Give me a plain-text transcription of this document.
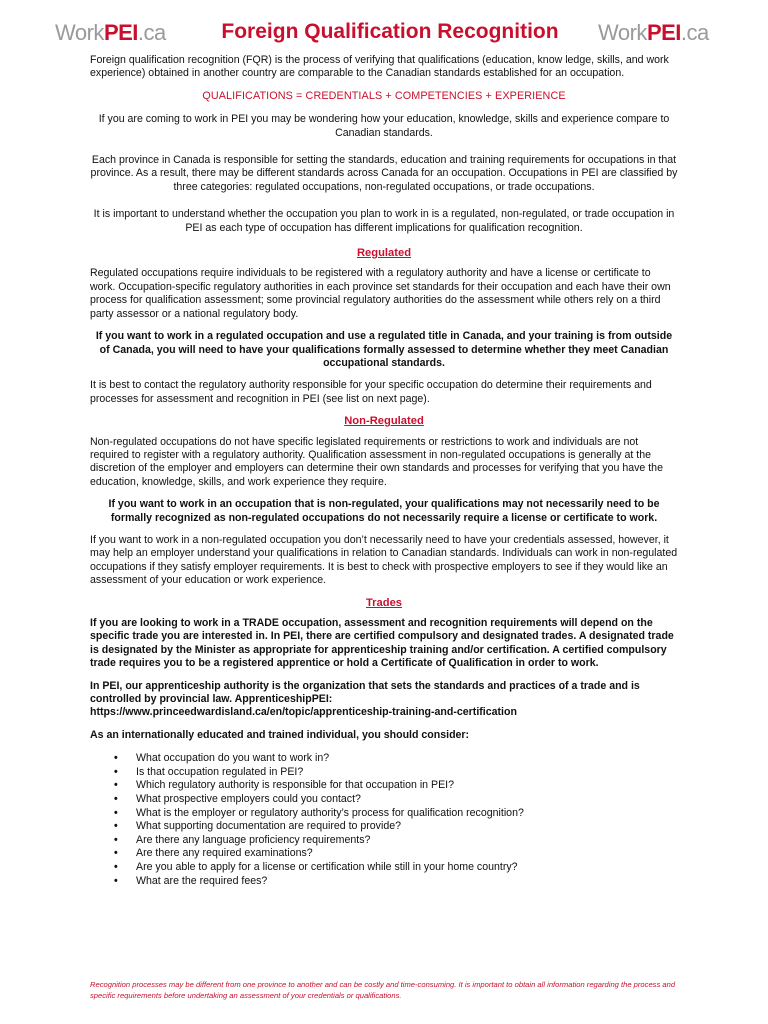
WorkPEI.ca	Foreign Qualification Recognition	WorkPEI.ca

Foreign qualification recognition (FQR) is the process of verifying that qualifications (education, know ledge, skills, and work experience) obtained in another country are comparable to the Canadian standards established for an occupation.

QUALIFICATIONS = CREDENTIALS + COMPETENCIES + EXPERIENCE

If you are coming to work in PEI you may be wondering how your education, knowledge, skills and experience compare to Canadian standards.

Each province in Canada is responsible for setting the standards, education and training requirements for occupations in that province. As a result, there may be different standards across Canada for an occupation. Occupations in PEI are classified by three categories: regulated occupations, non-regulated occupations, or trade occupations.

It is important to understand whether the occupation you plan to work in is a regulated, non-regulated, or trade occupation in PEI as each type of occupation has different implications for qualification recognition.

Regulated

Regulated occupations require individuals to be registered with a regulatory authority and have a license or certificate to work. Occupation-specific regulatory authorities in each province set standards for their occupation and each have their own process for qualification assessment; some provincial regulatory authorities do the assessment while others rely on a third party assessor or a national regulatory body.

If you want to work in a regulated occupation and use a regulated title in Canada, and your training is from outside of Canada, you will need to have your qualifications formally assessed to determine whether they meet Canadian occupational standards.

It is best to contact the regulatory authority responsible for your specific occupation do determine their requirements and processes for assessment and recognition in PEI (see list on next page).

Non-Regulated

Non-regulated occupations do not have specific legislated requirements or restrictions to work and individuals are not required to register with a regulatory authority. Qualification assessment in non-regulated occupations is generally at the discretion of the employer and employers can determine their own standards and processes for verifying that you have the education, knowledge, skills, and work experience they require.

If you want to work in an occupation that is non-regulated, your qualifications may not necessarily need to be formally recognized as non-regulated occupations do not necessarily require a license or certificate to work.

If you want to work in a non-regulated occupation you don’t necessarily need to have your credentials assessed, however, it may help an employer understand your qualifications in relation to Canadian standards. Individuals can work in non-regulated occupations if they satisfy employer requirements. It is best to check with prospective employers to see if they would like an assessment of your education or work experience.

Trades

If you are looking to work in a TRADE occupation, assessment and recognition requirements will depend on the specific trade you are interested in. In PEI, there are certified compulsory and designated trades. A designated trade is designated by the Minister as appropriate for apprenticeship training and/or certification. A certified compulsory trade requires you to be a registered apprentice or hold a Certificate of Qualification in order to work.

In PEI, our apprenticeship authority is the organization that sets the standards and practices of a trade and is controlled by provincial law. ApprenticeshipPEI:

https://www.princeedwardisland.ca/en/topic/apprenticeship-training-and-certification

As an internationally educated and trained individual, you should consider:

• What occupation do you want to work in?
• Is that occupation regulated in PEI?
• Which regulatory authority is responsible for that occupation in PEI?
• What prospective employers could you contact?
• What is the employer or regulatory authority’s process for qualification recognition?
• What supporting documentation are required to provide?
• Are there any language proficiency requirements?
• Are there any required examinations?
• Are you able to apply for a license or certification while still in your home country?
• What are the required fees?
Recognition processes may be different from one province to another and can be costly and time-consuming. It is important to obtain all information regarding the process and specific requirements before undertaking an assessment of your credentials or qualifications.
